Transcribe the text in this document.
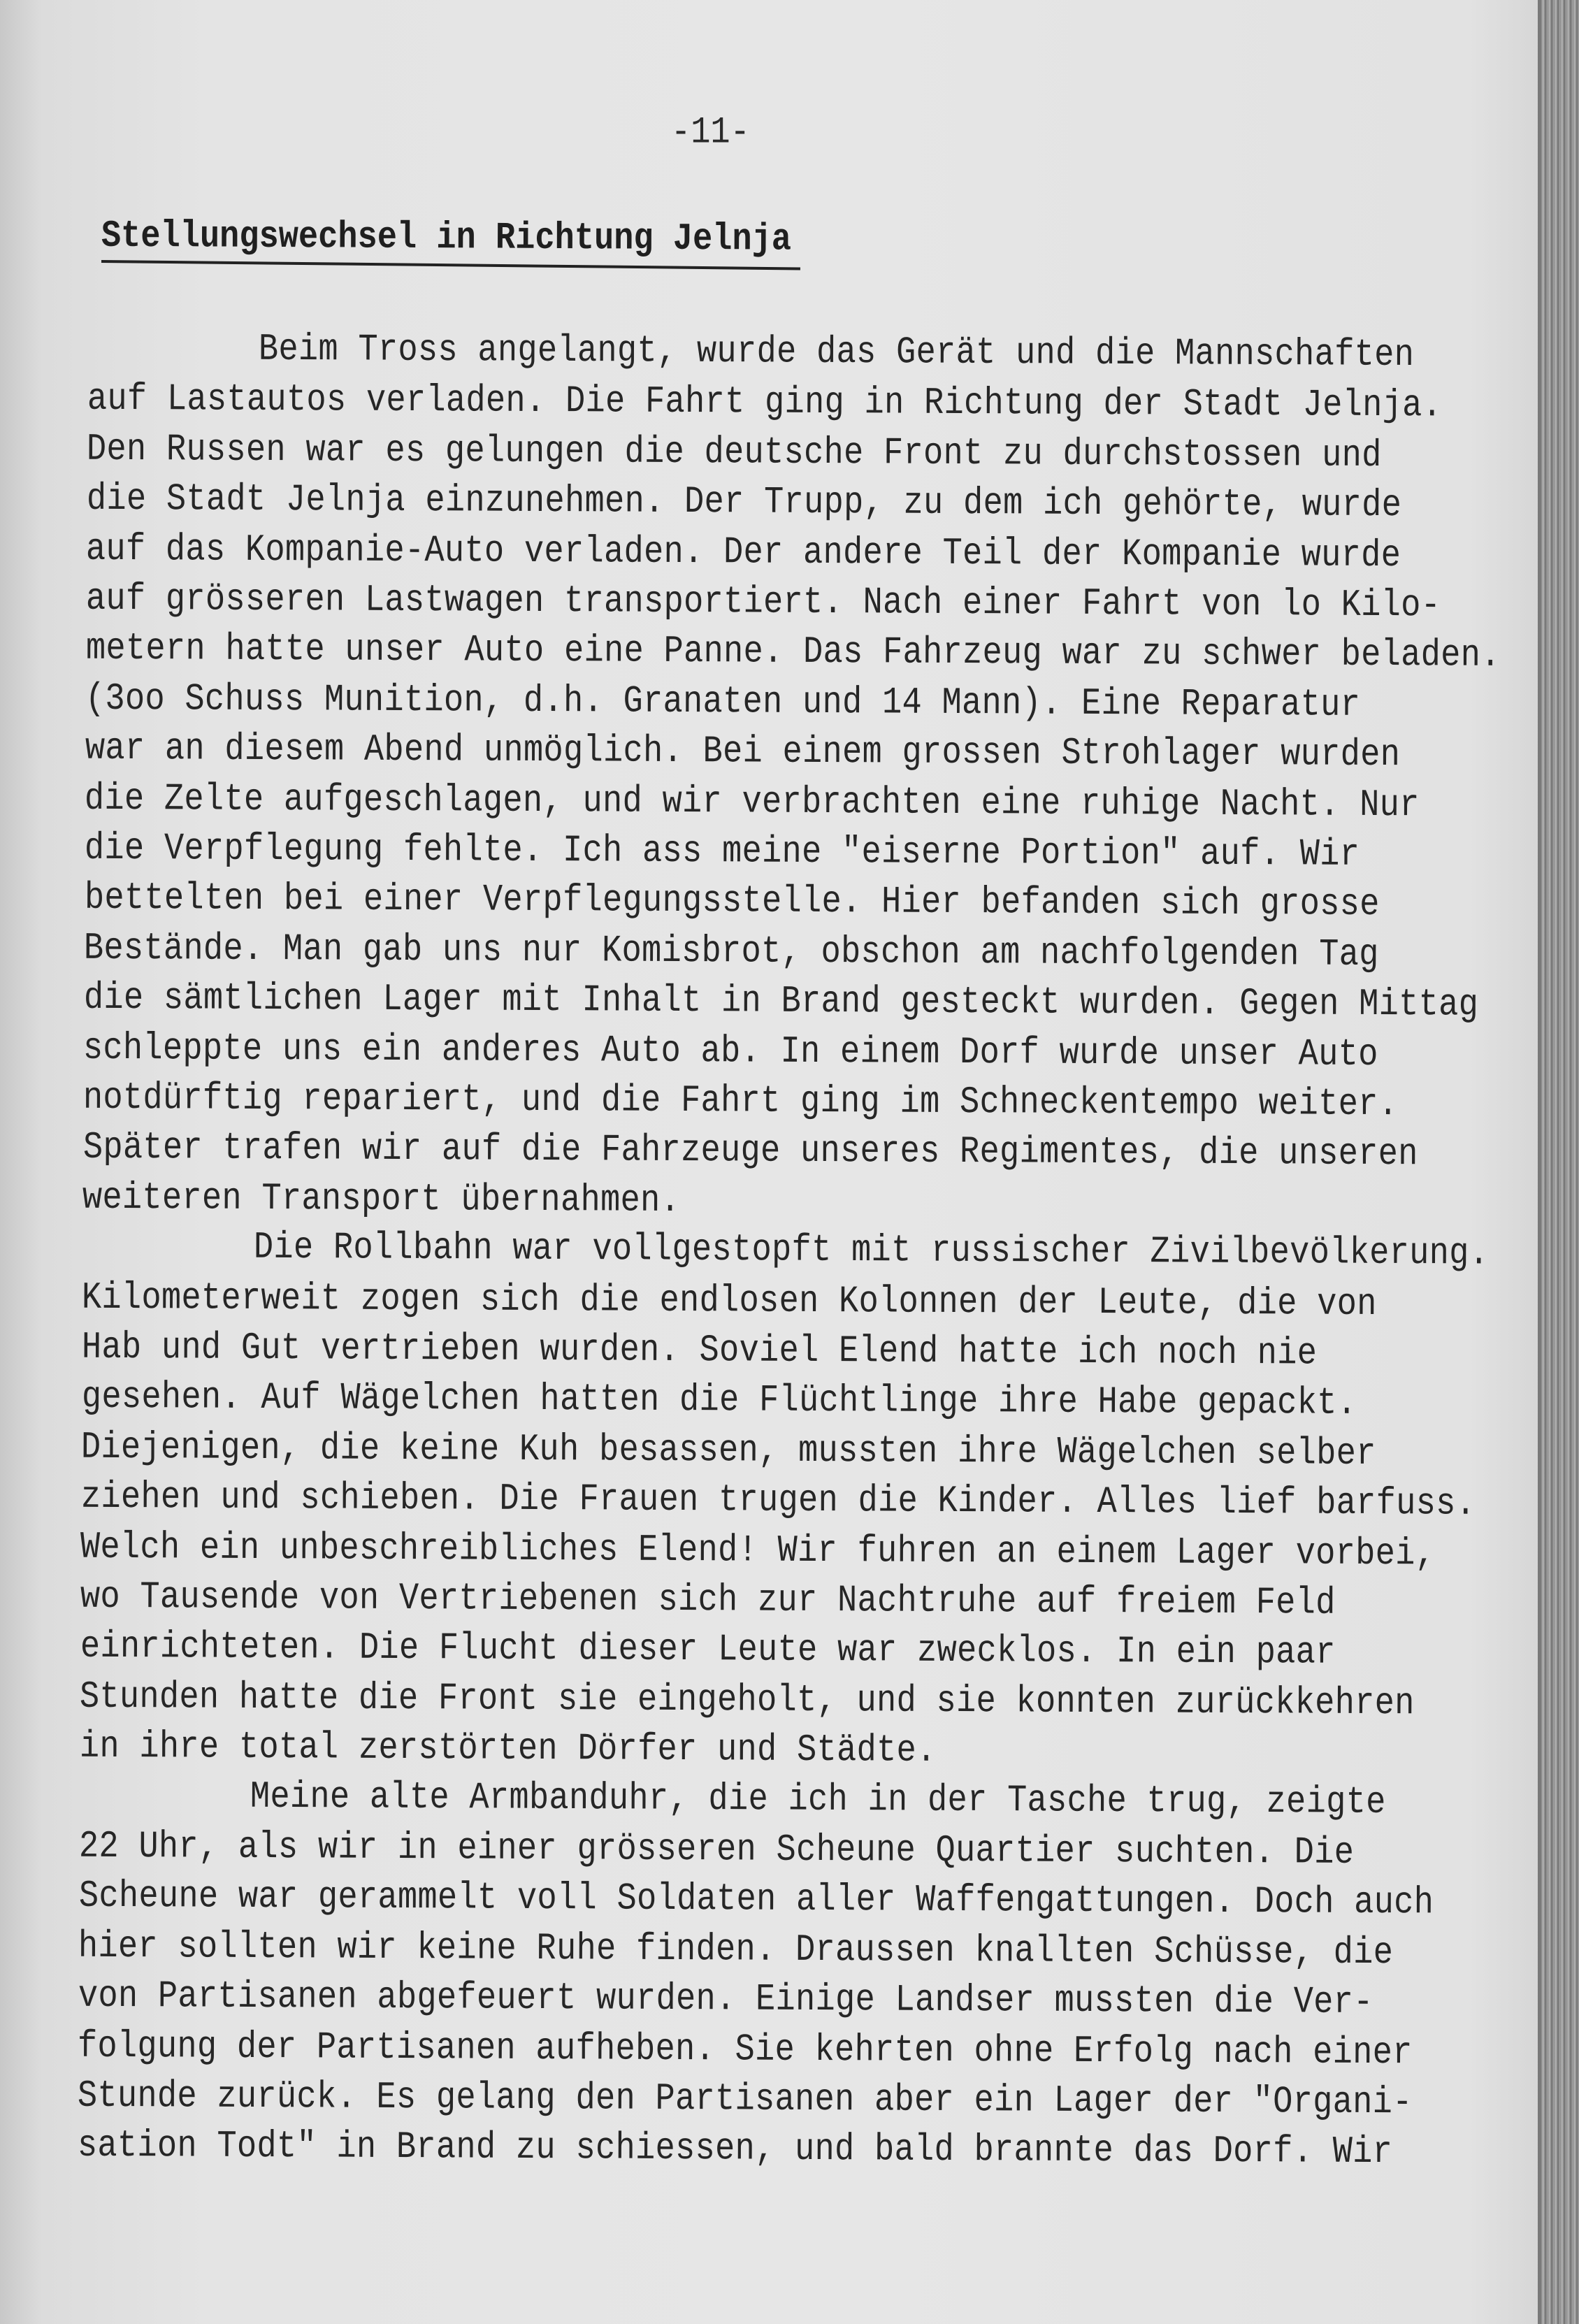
-11-
Stellungswechsel in Richtung Jelnja
Beim Tross angelangt, wurde das Gerät und die Mannschaften
auf Lastautos verladen. Die Fahrt ging in Richtung der Stadt Jelnja.
Den Russen war es gelungen die deutsche Front zu durchstossen und
die Stadt Jelnja einzunehmen. Der Trupp, zu dem ich gehörte, wurde
auf das Kompanie-Auto verladen. Der andere Teil der Kompanie wurde
auf grösseren Lastwagen transportiert. Nach einer Fahrt von lo Kilo-
metern hatte unser Auto eine Panne. Das Fahrzeug war zu schwer beladen.
(3oo Schuss Munition, d.h. Granaten und 14 Mann). Eine Reparatur
war an diesem Abend unmöglich. Bei einem grossen Strohlager wurden
die Zelte aufgeschlagen, und wir verbrachten eine ruhige Nacht. Nur
die Verpflegung fehlte. Ich ass meine "eiserne Portion" auf. Wir
bettelten bei einer Verpflegungsstelle. Hier befanden sich grosse
Bestände. Man gab uns nur Komisbrot, obschon am nachfolgenden Tag
die sämtlichen Lager mit Inhalt in Brand gesteckt wurden. Gegen Mittag
schleppte uns ein anderes Auto ab. In einem Dorf wurde unser Auto
notdürftig repariert, und die Fahrt ging im Schneckentempo weiter.
Später trafen wir auf die Fahrzeuge unseres Regimentes, die unseren
weiteren Transport übernahmen.
Die Rollbahn war vollgestopft mit russischer Zivilbevölkerung.
Kilometerweit zogen sich die endlosen Kolonnen der Leute, die von
Hab und Gut vertrieben wurden. Soviel Elend hatte ich noch nie
gesehen. Auf Wägelchen hatten die Flüchtlinge ihre Habe gepackt.
Diejenigen, die keine Kuh besassen, mussten ihre Wägelchen selber
ziehen und schieben. Die Frauen trugen die Kinder. Alles lief barfuss.
Welch ein unbeschreibliches Elend! Wir fuhren an einem Lager vorbei,
wo Tausende von Vertriebenen sich zur Nachtruhe auf freiem Feld
einrichteten. Die Flucht dieser Leute war zwecklos. In ein paar
Stunden hatte die Front sie eingeholt, und sie konnten zurückkehren
in ihre total zerstörten Dörfer und Städte.
Meine alte Armbanduhr, die ich in der Tasche trug, zeigte
22 Uhr, als wir in einer grösseren Scheune Quartier suchten. Die
Scheune war gerammelt voll Soldaten aller Waffengattungen. Doch auch
hier sollten wir keine Ruhe finden. Draussen knallten Schüsse, die
von Partisanen abgefeuert wurden. Einige Landser mussten die Ver-
folgung der Partisanen aufheben. Sie kehrten ohne Erfolg nach einer
Stunde zurück. Es gelang den Partisanen aber ein Lager der "Organi-
sation Todt" in Brand zu schiessen, und bald brannte das Dorf. Wir
